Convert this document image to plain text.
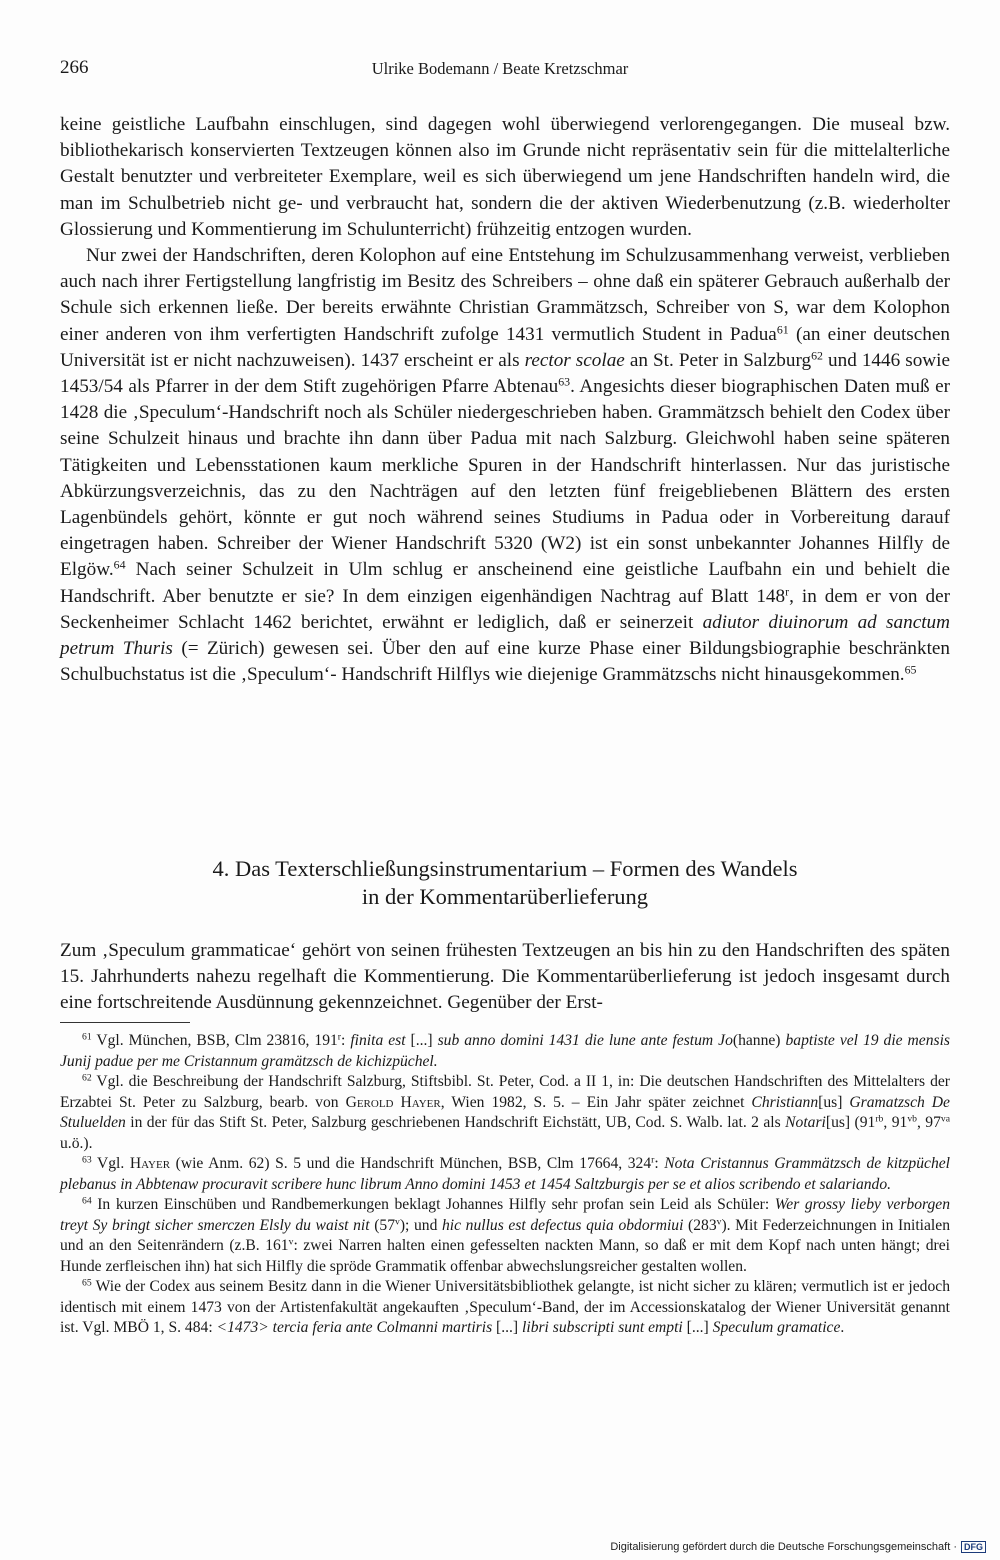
266	Ulrike Bodemann / Beate Kretzschmar

keine geistliche Laufbahn einschlugen, sind dagegen wohl überwiegend verlorengegangen. Die museal bzw. bibliothekarisch konservierten Textzeugen können also im Grunde nicht repräsentativ sein für die mittelalterliche Gestalt benutzter und verbreiteter Exemplare, weil es sich überwiegend um jene Handschriften handeln wird, die man im Schulbetrieb nicht ge- und verbraucht hat, sondern die der aktiven Wiederbenutzung (z.B. wiederholter Glossierung und Kommentierung im Schulunterricht) frühzeitig entzogen wurden.

Nur zwei der Handschriften, deren Kolophon auf eine Entstehung im Schulzusammenhang verweist, verblieben auch nach ihrer Fertigstellung langfristig im Besitz des Schreibers – ohne daß ein späterer Gebrauch außerhalb der Schule sich erkennen ließe. Der bereits erwähnte Christian Grammätzsch, Schreiber von S, war dem Kolophon einer anderen von ihm verfertigten Handschrift zufolge 1431 vermutlich Student in Padua$^{61}$ (an einer deutschen Universität ist er nicht nachzuweisen). 1437 erscheint er als rector scolae an St. Peter in Salzburg$^{62}$ und 1446 sowie 1453/54 als Pfarrer in der dem Stift zugehörigen Pfarre Abtenau$^{63}$. Angesichts dieser biographischen Daten muß er 1428 die ‚Speculum‘-Handschrift noch als Schüler niedergeschrieben haben. Grammätzsch behielt den Codex über seine Schulzeit hinaus und brachte ihn dann über Padua mit nach Salzburg. Gleichwohl haben seine späteren Tätigkeiten und Lebensstationen kaum merkliche Spuren in der Handschrift hinterlassen. Nur das juristische Abkürzungsverzeichnis, das zu den Nachträgen auf den letzten fünf freigebliebenen Blättern des ersten Lagenbündels gehört, könnte er gut noch während seines Studiums in Padua oder in Vorbereitung darauf eingetragen haben. Schreiber der Wiener Handschrift 5320 (W2) ist ein sonst unbekannter Johannes Hilfly de Elgöw.$^{64}$ Nach seiner Schulzeit in Ulm schlug er anscheinend eine geistliche Laufbahn ein und behielt die Handschrift. Aber benutzte er sie? In dem einzigen eigenhändigen Nachtrag auf Blatt 148$^r$, in dem er von der Seckenheimer Schlacht 1462 berichtet, erwähnt er lediglich, daß er seinerzeit adiutor diuinorum ad sanctum petrum Thuris (= Zürich) gewesen sei. Über den auf eine kurze Phase einer Bildungsbiographie beschränkten Schulbuchstatus ist die ‚Speculum‘- Handschrift Hilflys wie diejenige Grammätzschs nicht hinausgekommen.$^{65}$

4. Das Texterschließungsinstrumentarium – Formen des Wandels
in der Kommentarüberlieferung

Zum ‚Speculum grammaticae‘ gehört von seinen frühesten Textzeugen an bis hin zu den Handschriften des späten 15. Jahrhunderts nahezu regelhaft die Kommentierung. Die Kommentarüberlieferung ist jedoch insgesamt durch eine fortschreitende Ausdünnung gekennzeichnet. Gegenüber der Erst-

$^{61}$ Vgl. München, BSB, Clm 23816, 191$^r$: finita est [...] sub anno domini 1431 die lune ante festum Jo(hanne) baptiste vel 19 die mensis Junij padue per me Cristannum gramätzsch de kichizpüchel.

$^{62}$ Vgl. die Beschreibung der Handschrift Salzburg, Stiftsbibl. St. Peter, Cod. a II 1, in: Die deutschen Handschriften des Mittelalters der Erzabtei St. Peter zu Salzburg, bearb. von Gerold Hayer, Wien 1982, S. 5. – Ein Jahr später zeichnet Christiann[us] Gramatzsch De Stuluelden in der für das Stift St. Peter, Salzburg geschriebenen Handschrift Eichstätt, UB, Cod. S. Walb. lat. 2 als Notari[us] ($91^{rb}$, $91^{vb}$, $97^{va}$ u.ö.).

$^{63}$ Vgl. Hayer (wie Anm. 62) S. 5 und die Handschrift München, BSB, Clm 17664, 324$^r$: Nota Cristannus Grammätzsch de kitzpüchel plebanus in Abbtenaw procuravit scribere hunc librum Anno domini 1453 et 1454 Saltzburgis per se et alios scribendo et salariando.

$^{64}$ In kurzen Einschüben und Randbemerkungen beklagt Johannes Hilfly sehr profan sein Leid als Schüler: Wer grossy lieby verborgen treyt Sy bringt sicher smerczen Elsly du waist nit (57$^v$); und hic nullus est defectus quia obdormiui (283$^v$). Mit Federzeichnungen in Initialen und an den Seitenrändern (z.B. 161$^v$: zwei Narren halten einen gefesselten nackten Mann, so daß er mit dem Kopf nach unten hängt; drei Hunde zerfleischen ihn) hat sich Hilfly die spröde Grammatik offenbar abwechslungsreicher gestalten wollen.

$^{65}$ Wie der Codex aus seinem Besitz dann in die Wiener Universitätsbibliothek gelangte, ist nicht sicher zu klären; vermutlich ist er jedoch identisch mit einem 1473 von der Artistenfakultät angekauften ‚Speculum‘-Band, der im Accessionskatalog der Wiener Universität genannt ist. Vgl. MBÖ 1, S. 484: <1473> tercia feria ante Colmanni martiris [...] libri subscripti sunt empti [...] Speculum gramatice.

Digitalisierung gefördert durch die Deutsche Forschungsgemeinschaft · DFG
